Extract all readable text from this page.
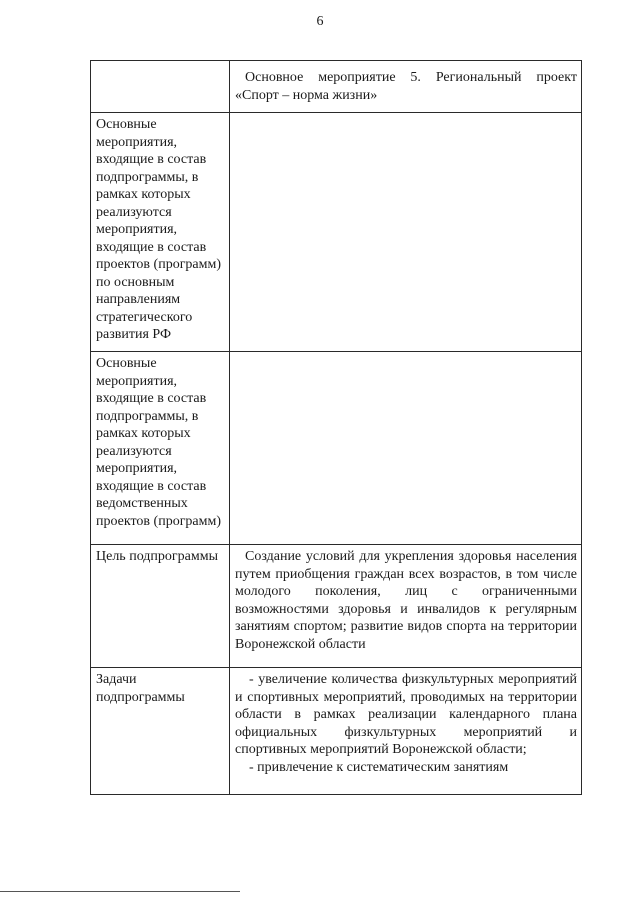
6
	Основное мероприятие 5. Региональный проект «Спорт – норма жизни»
Основные мероприятия, входящие в состав подпрограммы, в рамках которых реализуются мероприятия, входящие в состав проектов (программ) по основным направлениям стратегического развития РФ	
Основные мероприятия, входящие в состав подпрограммы, в рамках которых реализуются мероприятия, входящие в состав ведомственных проектов (программ)	
Цель подпрограммы	Создание условий для укрепления здоровья населения путем приобщения граждан всех возрастов, в том числе молодого поколения, лиц с ограниченными возможностями здоровья и инвалидов к регулярным занятиям спортом; развитие видов спорта на территории Воронежской области

Задачи подпрограммы	- увеличение количества физкультурных мероприятий и спортивных мероприятий, проводимых на территории области в рамках реализации календарного плана официальных физкультурных мероприятий и спортивных мероприятий Воронежской области;

- привлечение к систематическим занятиям
